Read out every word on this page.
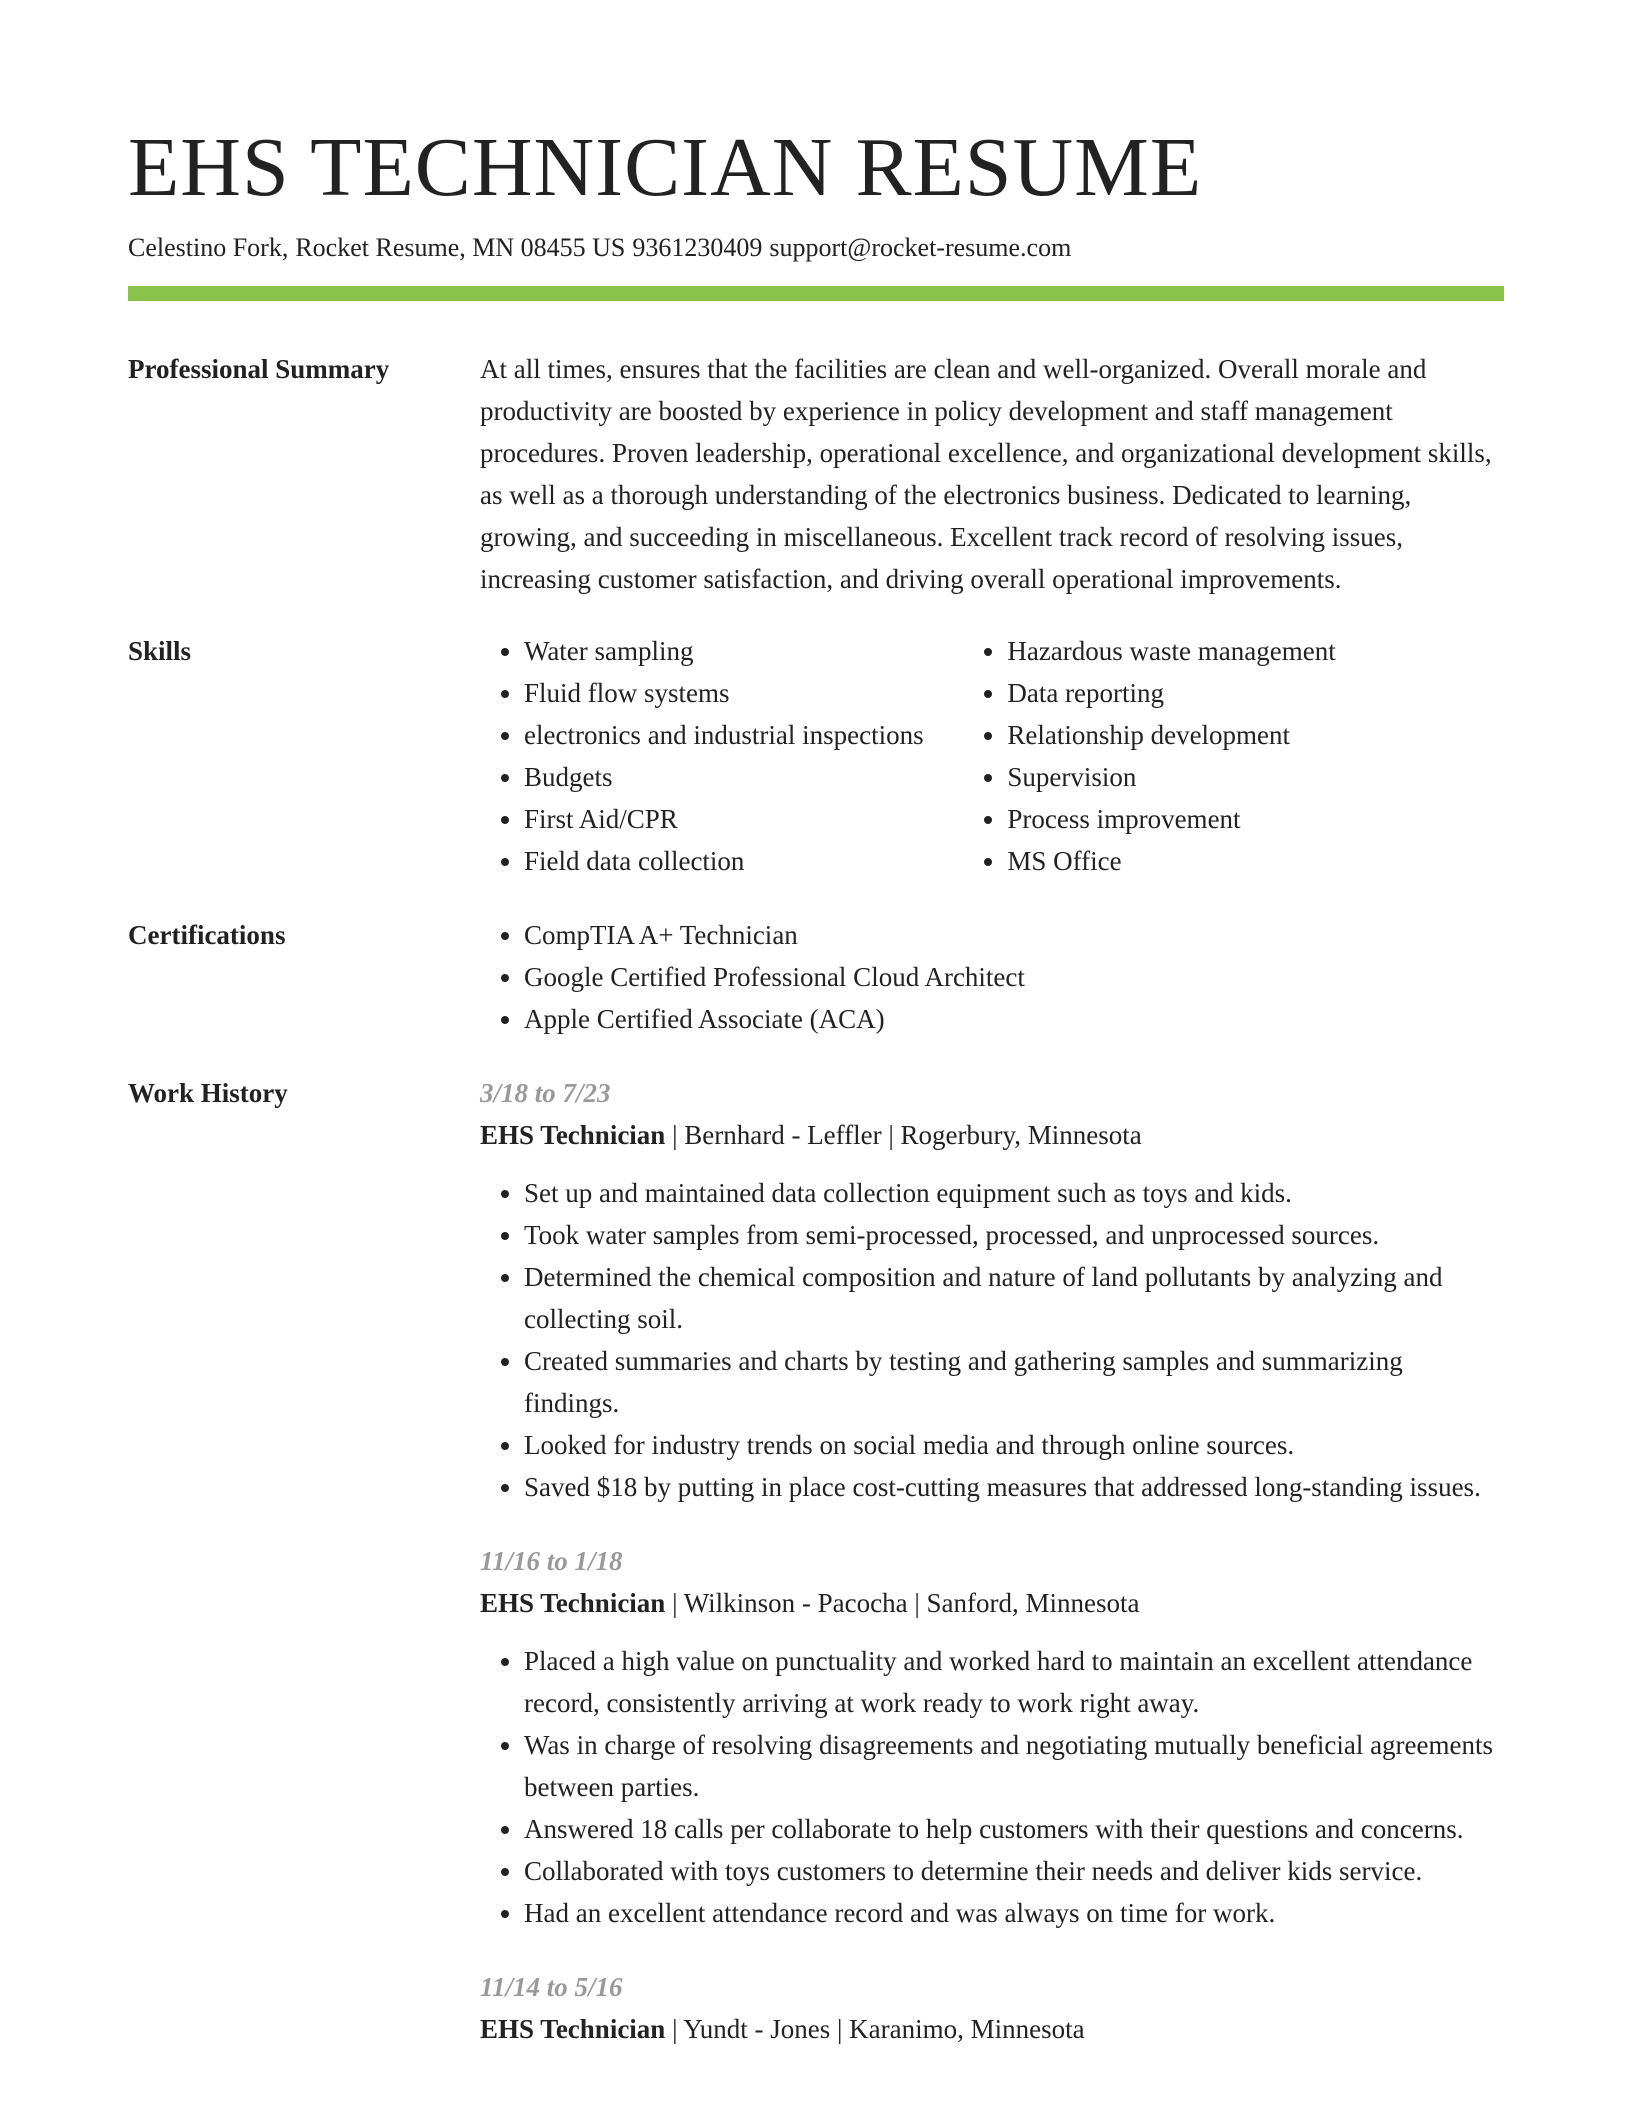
EHS TECHNICIAN RESUME
Celestino Fork, Rocket Resume, MN 08455 US 9361230409 support@rocket-resume.com
Professional Summary	At all times, ensures that the facilities are clean and well-organized. Overall morale and productivity are boosted by experience in policy development and staff management procedures. Proven leadership, operational excellence, and organizational development skills, as well as a thorough understanding of the electronics business. Dedicated to learning, growing, and succeeding in miscellaneous. Excellent track record of resolving issues, increasing customer satisfaction, and driving overall operational improvements.

Skills	• Water sampling
• Fluid flow systems
• electronics and industrial inspections
• Budgets
• First Aid/CPR
• Field data collection
• Hazardous waste management
• Data reporting
• Relationship development
• Supervision
• Process improvement
• MS Office
Certifications	• CompTIA A+ Technician
• Google Certified Professional Cloud Architect
• Apple Certified Associate (ACA)
Work History	3/18 to 7/23
EHS Technician | Bernhard - Leffler | Rogerbury, Minnesota
• Set up and maintained data collection equipment such as toys and kids.
• Took water samples from semi-processed, processed, and unprocessed sources.
• Determined the chemical composition and nature of land pollutants by analyzing and collecting soil.
• Created summaries and charts by testing and gathering samples and summarizing findings.
• Looked for industry trends on social media and through online sources.
• Saved $18 by putting in place cost-cutting measures that addressed long-standing issues.
11/16 to 1/18
EHS Technician | Wilkinson - Pacocha | Sanford, Minnesota
• Placed a high value on punctuality and worked hard to maintain an excellent attendance record, consistently arriving at work ready to work right away.
• Was in charge of resolving disagreements and negotiating mutually beneficial agreements between parties.
• Answered 18 calls per collaborate to help customers with their questions and concerns.
• Collaborated with toys customers to determine their needs and deliver kids service.
• Had an excellent attendance record and was always on time for work.
11/14 to 5/16
EHS Technician | Yundt - Jones | Karanimo, Minnesota
